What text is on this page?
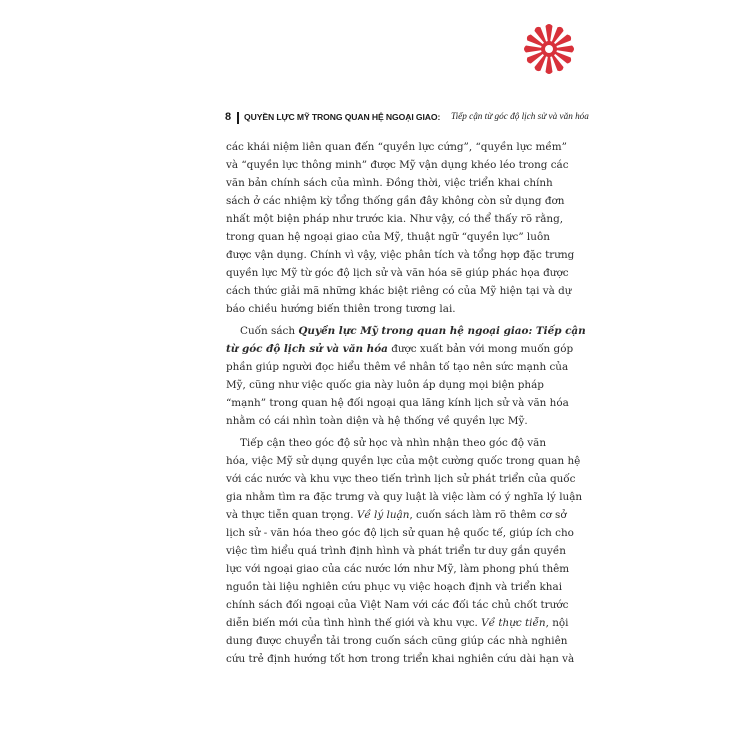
8 QUYỀN LỰC MỸ TRONG QUAN HỆ NGOẠI GIAO: Tiếp cận từ góc độ lịch sử và văn hóa
các khái niệm liên quan đến “quyền lực cứng”, “quyền lực mềm”
và “quyền lực thông minh” được Mỹ vận dụng khéo léo trong các
văn bản chính sách của mình. Đồng thời, việc triển khai chính
sách ở các nhiệm kỳ tổng thống gần đây không còn sử dụng đơn
nhất một biện pháp như trước kia. Như vậy, có thể thấy rõ rằng,
trong quan hệ ngoại giao của Mỹ, thuật ngữ “quyền lực” luôn
được vận dụng. Chính vì vậy, việc phân tích và tổng hợp đặc trưng
quyền lực Mỹ từ góc độ lịch sử và văn hóa sẽ giúp phác họa được
cách thức giải mã những khác biệt riêng có của Mỹ hiện tại và dự
báo chiều hướng biến thiên trong tương lai.
Cuốn sách Quyền lực Mỹ trong quan hệ ngoại giao: Tiếp cận
từ góc độ lịch sử và văn hóa được xuất bản với mong muốn góp
phần giúp người đọc hiểu thêm về nhân tố tạo nên sức mạnh của
Mỹ, cũng như việc quốc gia này luôn áp dụng mọi biện pháp
“mạnh” trong quan hệ đối ngoại qua lăng kính lịch sử và văn hóa
nhằm có cái nhìn toàn diện và hệ thống về quyền lực Mỹ.
Tiếp cận theo góc độ sử học và nhìn nhận theo góc độ văn
hóa, việc Mỹ sử dụng quyền lực của một cường quốc trong quan hệ
với các nước và khu vực theo tiến trình lịch sử phát triển của quốc
gia nhằm tìm ra đặc trưng và quy luật là việc làm có ý nghĩa lý luận
và thực tiễn quan trọng. Về lý luận, cuốn sách làm rõ thêm cơ sở
lịch sử - văn hóa theo góc độ lịch sử quan hệ quốc tế, giúp ích cho
việc tìm hiểu quá trình định hình và phát triển tư duy gắn quyền
lực với ngoại giao của các nước lớn như Mỹ, làm phong phú thêm
nguồn tài liệu nghiên cứu phục vụ việc hoạch định và triển khai
chính sách đối ngoại của Việt Nam với các đối tác chủ chốt trước
diễn biến mới của tình hình thế giới và khu vực. Về thực tiễn, nội
dung được chuyển tải trong cuốn sách cũng giúp các nhà nghiên
cứu trẻ định hướng tốt hơn trong triển khai nghiên cứu dài hạn và
